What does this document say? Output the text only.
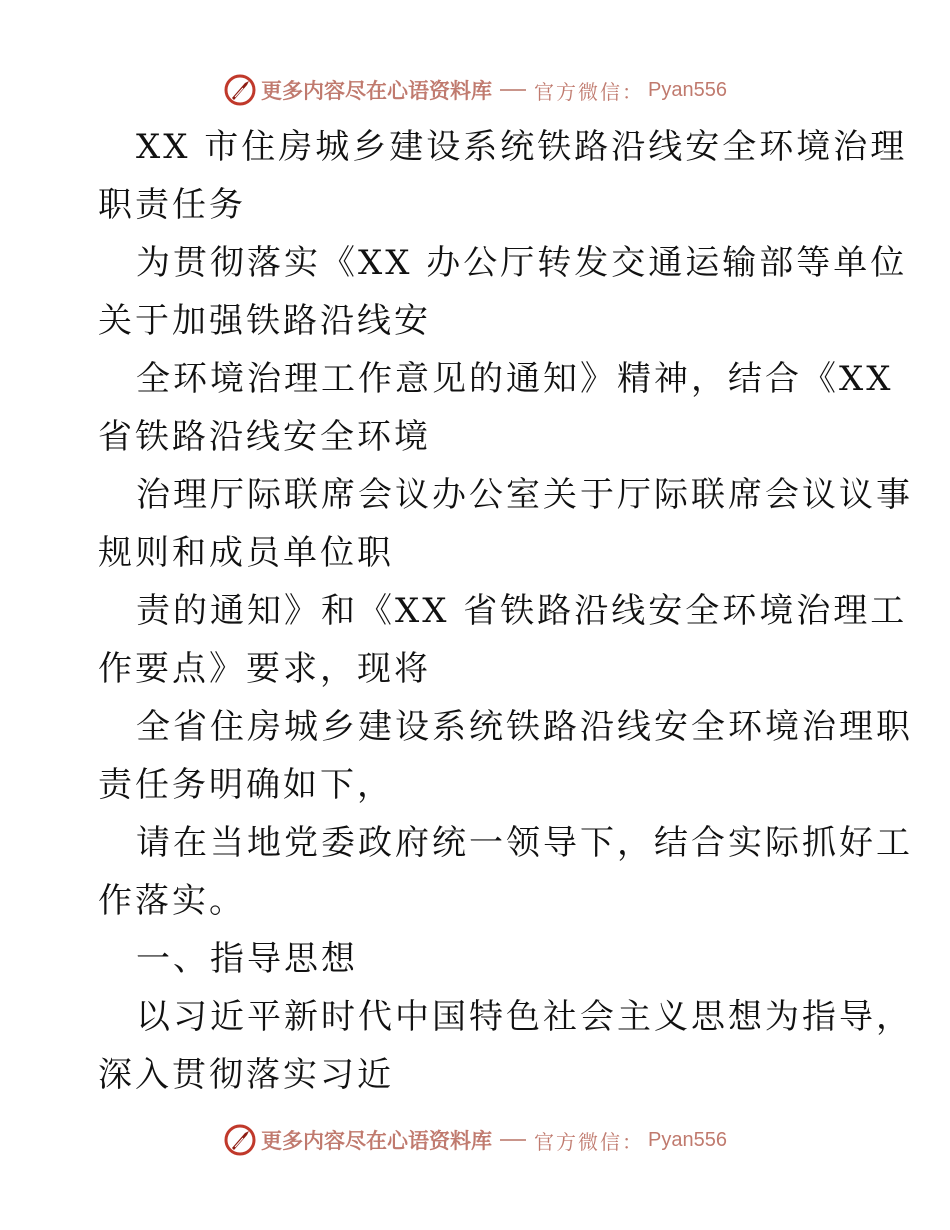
更多内容尽在心语资料库 官方微信： Pyan556
XX 市住房城乡建设系统铁路沿线安全环境治理
职责任务
为贯彻落实《XX 办公厅转发交通运输部等单位
关于加强铁路沿线安
全环境治理工作意见的通知》精神，结合《XX
省铁路沿线安全环境
治理厅际联席会议办公室关于厅际联席会议议事
规则和成员单位职
责的通知》和《XX 省铁路沿线安全环境治理工
作要点》要求，现将
全省住房城乡建设系统铁路沿线安全环境治理职
责任务明确如下，
请在当地党委政府统一领导下，结合实际抓好工
作落实。
一、指导思想
以习近平新时代中国特色社会主义思想为指导，
深入贯彻落实习近
更多内容尽在心语资料库 官方微信： Pyan556
